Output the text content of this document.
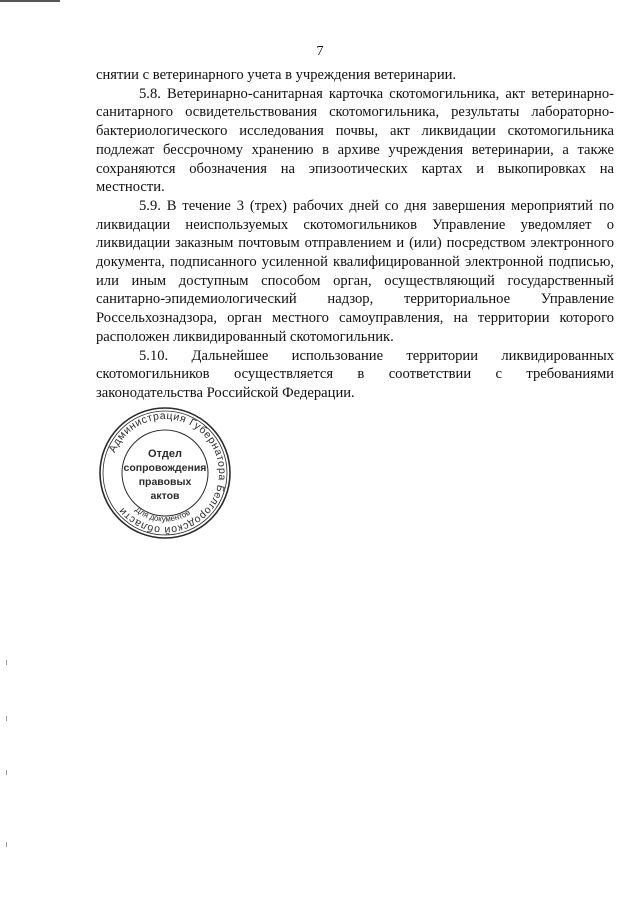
7

снятии с ветеринарного учета в учреждения ветеринарии.

5.8. Ветеринарно-санитарная карточка скотомогильника, акт ветеринарно-санитарного освидетельствования скотомогильника, результаты лабораторно-бактериологического исследования почвы, акт ликвидации скотомогильника подлежат бессрочному хранению в архиве учреждения ветеринарии, а также сохраняются обозначения на эпизоотических картах и выкопировках на местности.

5.9. В течение 3 (трех) рабочих дней со дня завершения мероприятий по ликвидации неиспользуемых скотомогильников Управление уведомляет о ликвидации заказным почтовым отправлением и (или) посредством электронного документа, подписанного усиленной квалифицированной электронной подписью, или иным доступным способом орган, осуществляющий государственный санитарно-эпидемиологический надзор, территориальное Управление Россельхознадзора, орган местного самоуправления, на территории которого расположен ликвидированный скотомогильник.

5.10. Дальнейшее использование территории ликвидированных скотомогильников осуществляется в соответствии с требованиями законодательства Российской Федерации.

Администрация Губернатора Белгородской области Для документов
Отдел
сопровождения
правовых
актов
